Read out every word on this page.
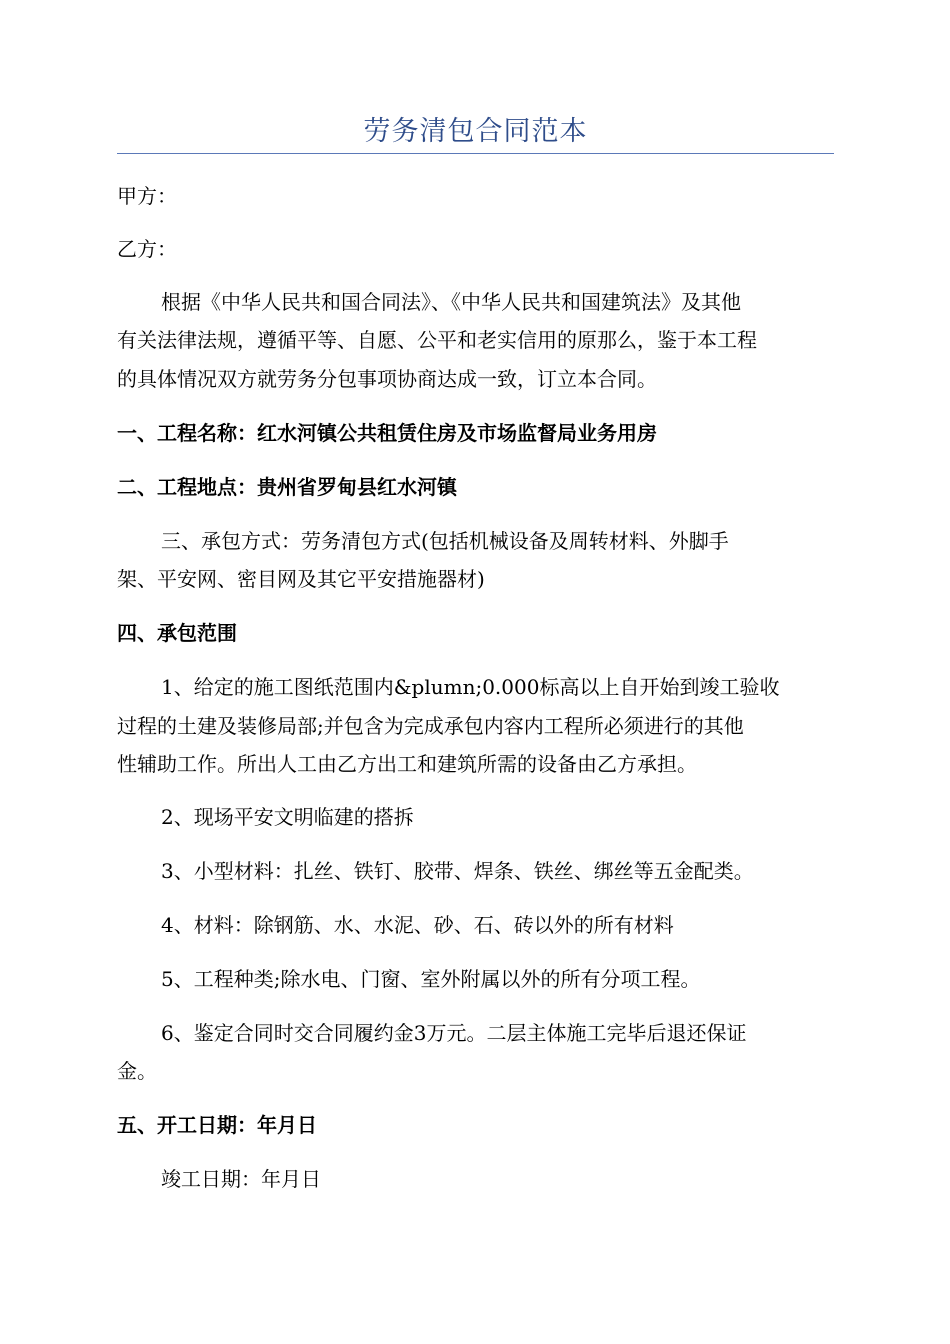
劳务清包合同范本
甲方：
乙方：
根据《中华人民共和国合同法》、《中华人民共和国建筑法》及其他
有关法律法规，遵循平等、自愿、公平和老实信用的原那么，鉴于本工程
的具体情况双方就劳务分包事项协商达成一致，订立本合同。
一、工程名称：红水河镇公共租赁住房及市场监督局业务用房
二、工程地点：贵州省罗甸县红水河镇
三、承包方式：劳务清包方式(包括机械设备及周转材料、外脚手
架、平安网、密目网及其它平安措施器材)
四、承包范围
1、给定的施工图纸范围内&plumn;0.000标高以上自开始到竣工验收
过程的土建及装修局部;并包含为完成承包内容内工程所必须进行的其他
性辅助工作。所出人工由乙方出工和建筑所需的设备由乙方承担。
2、现场平安文明临建的搭拆
3、小型材料：扎丝、铁钉、胶带、焊条、铁丝、绑丝等五金配类。
4、材料：除钢筋、水、水泥、砂、石、砖以外的所有材料
5、工程种类;除水电、门窗、室外附属以外的所有分项工程。
6、鉴定合同时交合同履约金3万元。二层主体施工完毕后退还保证
金。
五、开工日期：年月日
竣工日期：年月日
